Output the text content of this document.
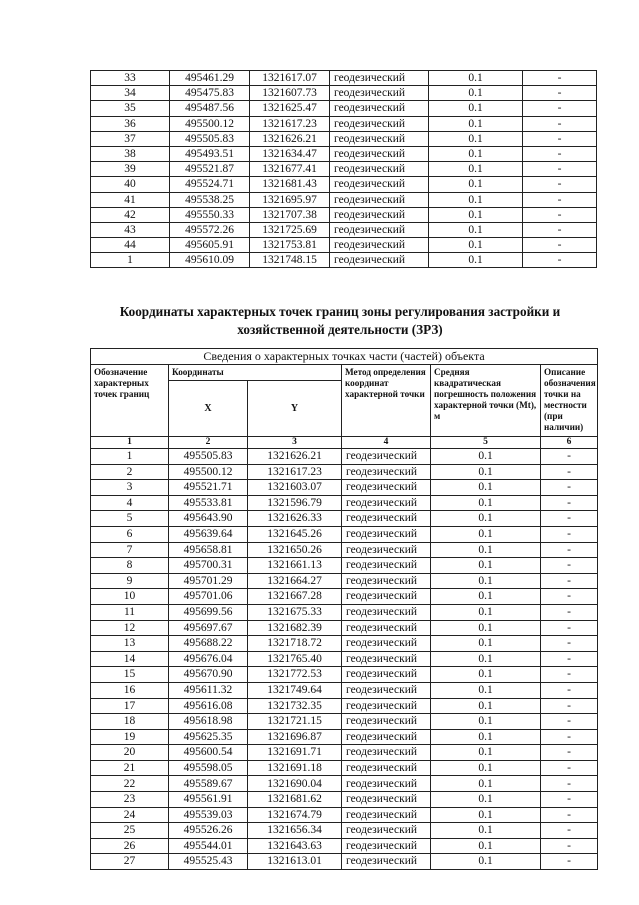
33	495461.29	1321617.07	геодезический	0.1	-
34	495475.83	1321607.73	геодезический	0.1	-
35	495487.56	1321625.47	геодезический	0.1	-
36	495500.12	1321617.23	геодезический	0.1	-
37	495505.83	1321626.21	геодезический	0.1	-
38	495493.51	1321634.47	геодезический	0.1	-
39	495521.87	1321677.41	геодезический	0.1	-
40	495524.71	1321681.43	геодезический	0.1	-
41	495538.25	1321695.97	геодезический	0.1	-
42	495550.33	1321707.38	геодезический	0.1	-
43	495572.26	1321725.69	геодезический	0.1	-
44	495605.91	1321753.81	геодезический	0.1	-
1	495610.09	1321748.15	геодезический	0.1	-
Координаты характерных точек границ зоны регулирования застройки и
хозяйственной деятельности (ЗРЗ)
Сведения о характерных точках части (частей) объекта					
Обозначение характерных точек границ	Координаты		Метод определения координат характерной точки	Средняя квадратическая погрешность положения характерной точки (Мt), м	Описание обозначения точки на местности (при наличии)
	X	Y			
1	2	3	4	5	6
1	495505.83	1321626.21	геодезический	0.1	-
2	495500.12	1321617.23	геодезический	0.1	-
3	495521.71	1321603.07	геодезический	0.1	-
4	495533.81	1321596.79	геодезический	0.1	-
5	495643.90	1321626.33	геодезический	0.1	-
6	495639.64	1321645.26	геодезический	0.1	-
7	495658.81	1321650.26	геодезический	0.1	-
8	495700.31	1321661.13	геодезический	0.1	-
9	495701.29	1321664.27	геодезический	0.1	-
10	495701.06	1321667.28	геодезический	0.1	-
11	495699.56	1321675.33	геодезический	0.1	-
12	495697.67	1321682.39	геодезический	0.1	-
13	495688.22	1321718.72	геодезический	0.1	-
14	495676.04	1321765.40	геодезический	0.1	-
15	495670.90	1321772.53	геодезический	0.1	-
16	495611.32	1321749.64	геодезический	0.1	-
17	495616.08	1321732.35	геодезический	0.1	-
18	495618.98	1321721.15	геодезический	0.1	-
19	495625.35	1321696.87	геодезический	0.1	-
20	495600.54	1321691.71	геодезический	0.1	-
21	495598.05	1321691.18	геодезический	0.1	-
22	495589.67	1321690.04	геодезический	0.1	-
23	495561.91	1321681.62	геодезический	0.1	-
24	495539.03	1321674.79	геодезический	0.1	-
25	495526.26	1321656.34	геодезический	0.1	-
26	495544.01	1321643.63	геодезический	0.1	-
27	495525.43	1321613.01	геодезический	0.1	-
